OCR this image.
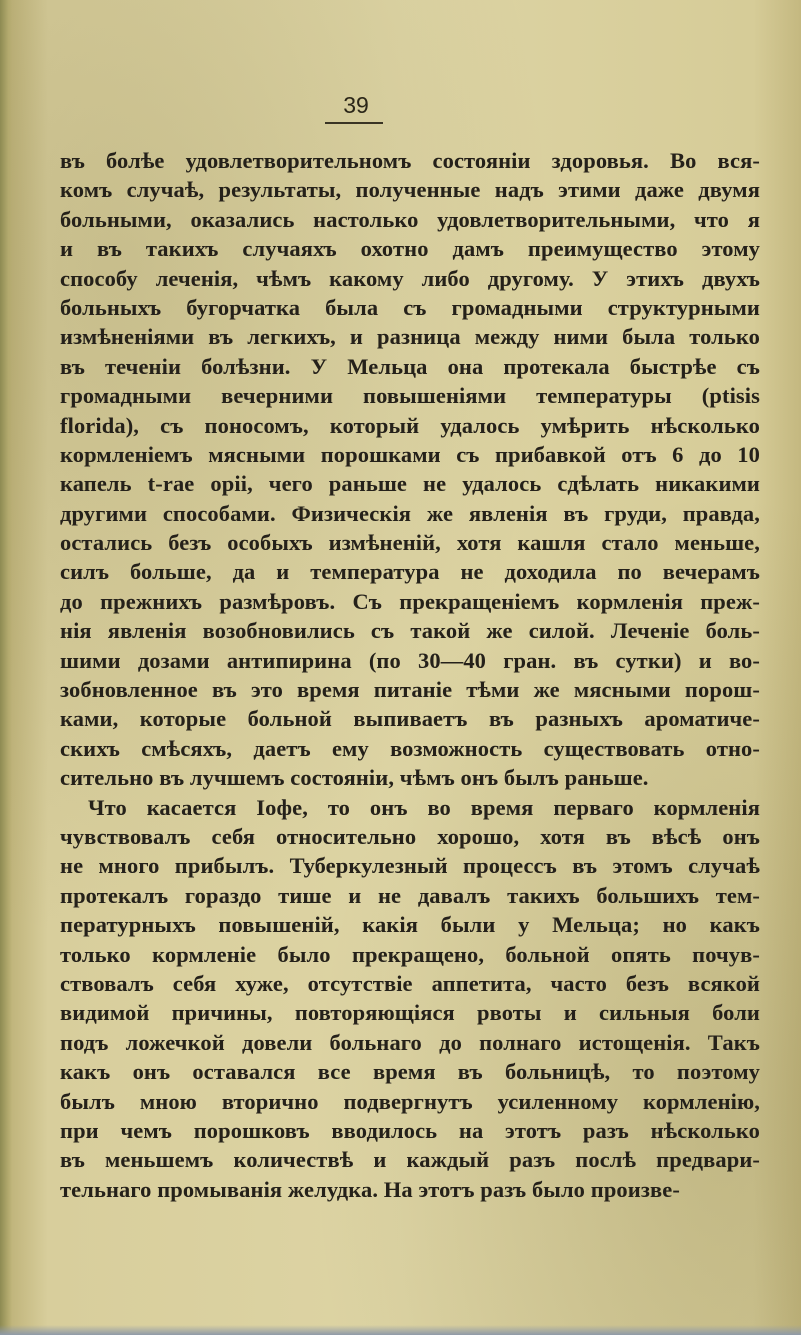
39
въ болѣе удовлетворительномъ состояніи здоровья. Во вся-
комъ случаѣ, результаты, полученные надъ этими даже двумя
больными, оказались настолько удовлетворительными, что я
и въ такихъ случаяхъ охотно дамъ преимущество этому
способу леченія, чѣмъ какому либо другому. У этихъ двухъ
больныхъ бугорчатка была съ громадными структурными
измѣненіями въ легкихъ, и разница между ними была только
въ теченіи болѣзни. У Мельца она протекала быстрѣе съ
громадными вечерними повышеніями температуры (ptisis
florida), съ поносомъ, который удалось умѣрить нѣсколько
кормленіемъ мясными порошками съ прибавкой отъ 6 до 10
капель t-rae opii, чего раньше не удалось сдѣлать никакими
другими способами. Физическія же явленія въ груди, правда,
остались безъ особыхъ измѣненій, хотя кашля стало меньше,
силъ больше, да и температура не доходила по вечерамъ
до прежнихъ размѣровъ. Съ прекращеніемъ кормленія преж-
нія явленія возобновились съ такой же силой. Леченіе боль-
шими дозами антипирина (по 30—40 гран. въ сутки) и во-
зобновленное въ это время питаніе тѣми же мясными порош-
ками, которые больной выпиваетъ въ разныхъ ароматиче-
скихъ смѣсяхъ, даетъ ему возможность существовать отно-
сительно въ лучшемъ состояніи, чѣмъ онъ былъ раньше.
Что касается Іофе, то онъ во время перваго кормленія
чувствовалъ себя относительно хорошо, хотя въ вѣсѣ онъ
не много прибылъ. Туберкулезный процессъ въ этомъ случаѣ
протекалъ гораздо тише и не давалъ такихъ большихъ тем-
пературныхъ повышеній, какія были у Мельца; но какъ
только кормленіе было прекращено, больной опять почув-
ствовалъ себя хуже, отсутствіе аппетита, часто безъ всякой
видимой причины, повторяющіяся рвоты и сильныя боли
подъ ложечкой довели больнаго до полнаго истощенія. Такъ
какъ онъ оставался все время въ больницѣ, то поэтому
былъ мною вторично подвергнутъ усиленному кормленію,
при чемъ порошковъ вводилось на этотъ разъ нѣсколько
въ меньшемъ количествѣ и каждый разъ послѣ предвари-
тельнаго промыванія желудка. На этотъ разъ было произве-
